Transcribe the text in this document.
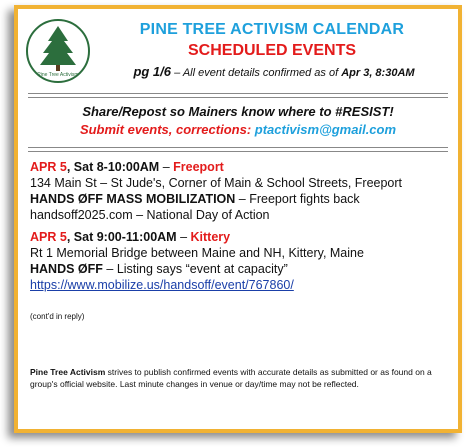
Pine Tree Activism
PINE TREE ACTIVISM CALENDAR
SCHEDULED EVENTS
pg 1/6 – All event details confirmed as of Apr 3, 8:30AM
Share/Repost so Mainers know where to #RESIST!
Submit events, corrections: ptactivism@gmail.com
APR 5, Sat 8-10:00AM – Freeport
134 Main St – St Jude's, Corner of Main & School Streets, Freeport
HANDS ØFF MASS MOBILIZATION – Freeport fights back
handsoff2025.com – National Day of Action
APR 5, Sat 9:00-11:00AM – Kittery
Rt 1 Memorial Bridge between Maine and NH, Kittery, Maine
HANDS ØFF – Listing says “event at capacity”
https://www.mobilize.us/handsoff/event/767860/
(cont'd in reply)
Pine Tree Activism strives to publish confirmed events with accurate details as submitted or as found on a group's official website. Last minute changes in venue or day/time may not be reflected.
